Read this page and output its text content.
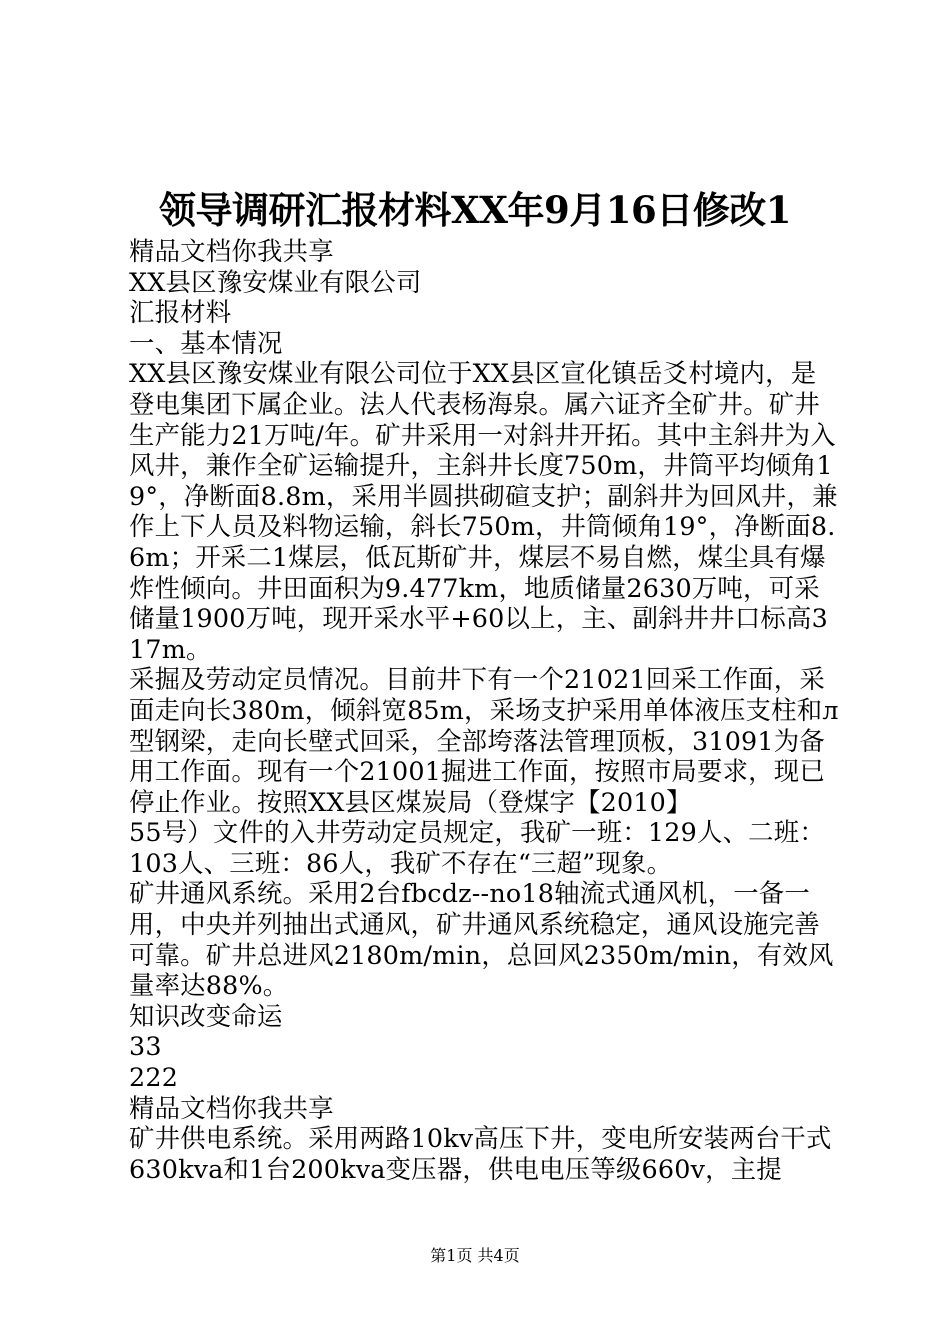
领导调研汇报材料XX年9月16日修改1

精品文档你我共享

XX县区豫安煤业有限公司

汇报材料

一、基本情况

XX县区豫安煤业有限公司位于XX县区宣化镇岳爻村境内，是登电集团下属企业。法人代表杨海泉。属六证齐全矿井。矿井生产能力21万吨/年。矿井采用一对斜井开拓。其中主斜井为入风井，兼作全矿运输提升，主斜井长度750m，井筒平均倾角19°，净断面8.8m，采用半圆拱砌碹支护；副斜井为回风井，兼作上下人员及料物运输，斜长750m，井筒倾角19°，净断面8.6m；开采二1煤层，低瓦斯矿井，煤层不易自燃，煤尘具有爆炸性倾向。井田面积为9.477km，地质储量2630万吨，可采储量1900万吨，现开采水平+60以上，主、副斜井井口标高317m。

采掘及劳动定员情况。目前井下有一个21021回采工作面，采面走向长380m，倾斜宽85m，采场支护采用单体液压支柱和л型钢梁，走向长壁式回采，全部垮落法管理顶板，31091为备用工作面。现有一个21001掘进工作面，按照市局要求，现已停止作业。按照XX县区煤炭局（登煤字【2010】

55号）文件的入井劳动定员规定，我矿一班：129人、二班：103人、三班：86人，我矿不存在“三超”现象。

矿井通风系统。采用2台fbcdz--no18轴流式通风机，一备一用，中央并列抽出式通风，矿井通风系统稳定，通风设施完善可靠。矿井总进风2180m/min，总回风2350m/min，有效风量率达88%。

知识改变命运

33

222

精品文档你我共享

矿井供电系统。采用两路10kv高压下井，变电所安装两台干式630kva和1台200kva变压器，供电电压等级660v，主提

第1页 共4页
